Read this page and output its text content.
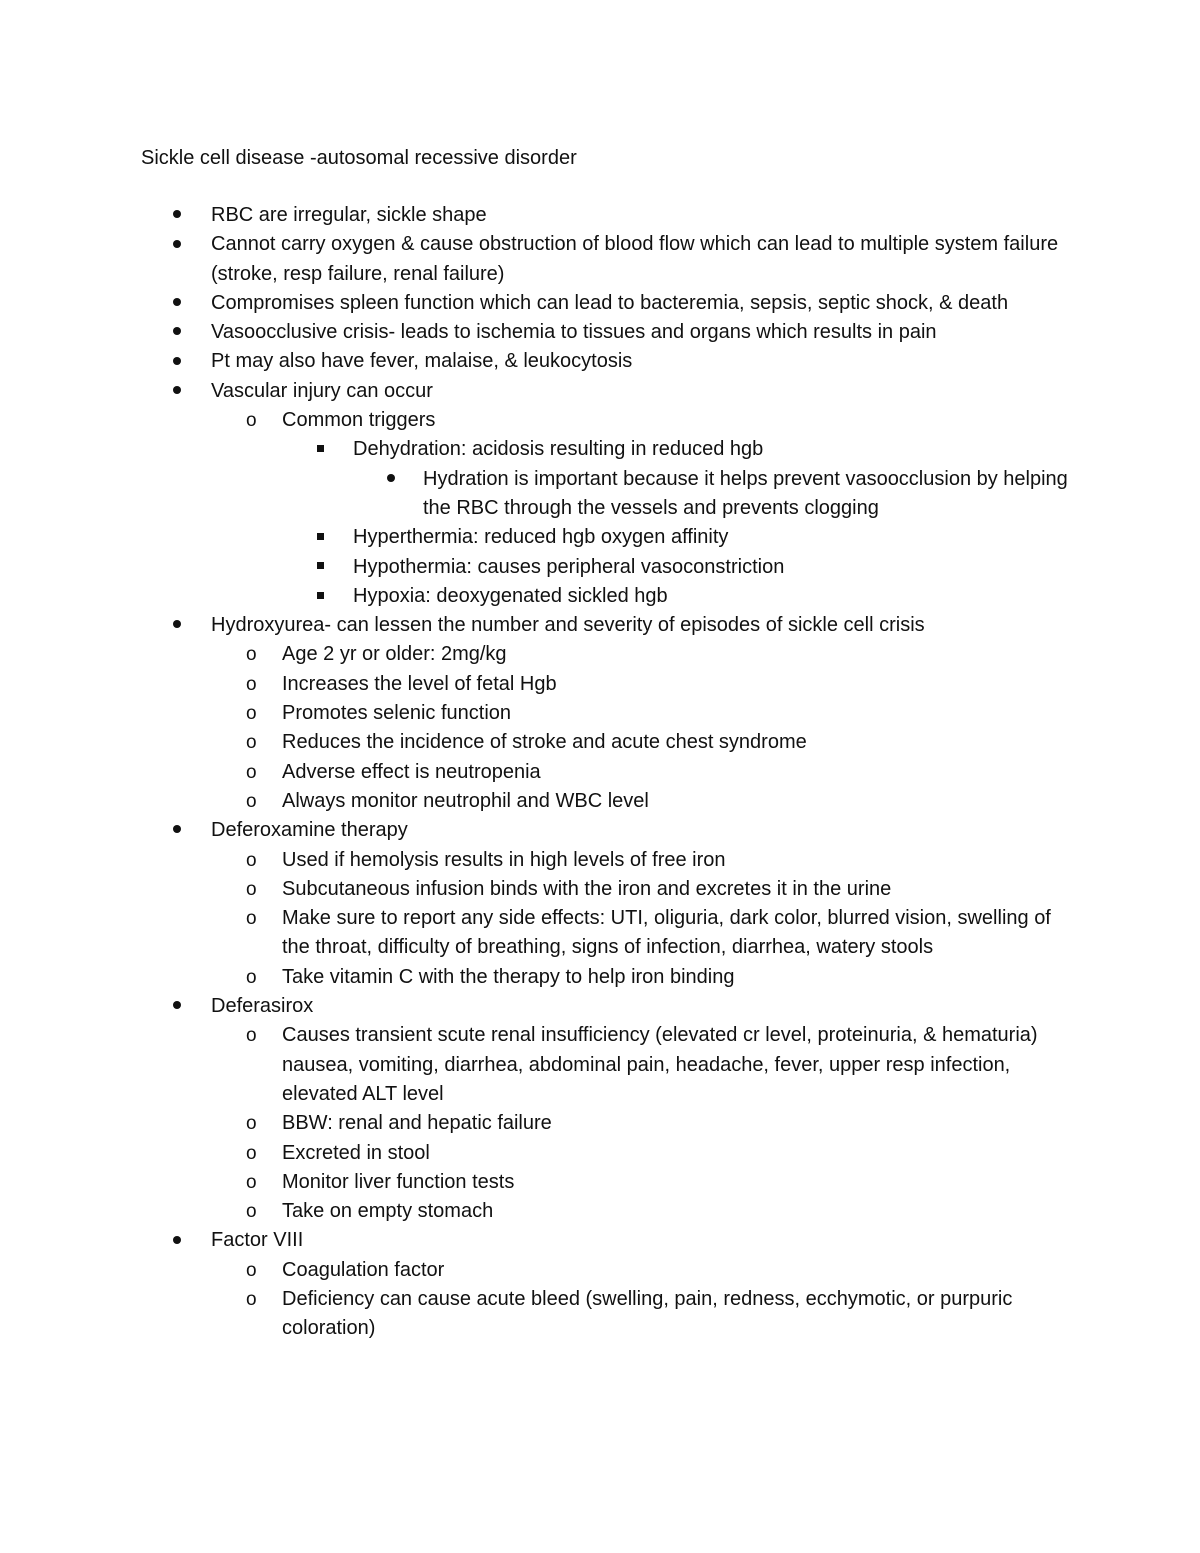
Sickle cell disease -autosomal recessive disorder
RBC are irregular, sickle shape
Cannot carry oxygen & cause obstruction of blood flow which can lead to multiple system failure (stroke, resp failure, renal failure)
Compromises spleen function which can lead to bacteremia, sepsis, septic shock, & death
Vasoocclusive crisis- leads to ischemia to tissues and organs which results in pain
Pt may also have fever, malaise, & leukocytosis
Vascular injury can occur
o Common triggers
Dehydration: acidosis resulting in reduced hgb
Hydration is important because it helps prevent vasoocclusion by helping the RBC through the vessels and prevents clogging
Hyperthermia: reduced hgb oxygen affinity
Hypothermia: causes peripheral vasoconstriction
Hypoxia: deoxygenated sickled hgb
Hydroxyurea- can lessen the number and severity of episodes of sickle cell crisis
o Age 2 yr or older: 2mg/kg
o Increases the level of fetal Hgb
o Promotes selenic function
o Reduces the incidence of stroke and acute chest syndrome
o Adverse effect is neutropenia
o Always monitor neutrophil and WBC level
Deferoxamine therapy
o Used if hemolysis results in high levels of free iron
o Subcutaneous infusion binds with the iron and excretes it in the urine
o Make sure to report any side effects: UTI, oliguria, dark color, blurred vision, swelling of the throat, difficulty of breathing, signs of infection, diarrhea, watery stools
o Take vitamin C with the therapy to help iron binding
Deferasirox
o Causes transient scute renal insufficiency (elevated cr level, proteinuria, & hematuria) nausea, vomiting, diarrhea, abdominal pain, headache, fever, upper resp infection, elevated ALT level
o BBW: renal and hepatic failure
o Excreted in stool
o Monitor liver function tests
o Take on empty stomach
Factor VIII
o Coagulation factor
o Deficiency can cause acute bleed (swelling, pain, redness, ecchymotic, or purpuric coloration)
